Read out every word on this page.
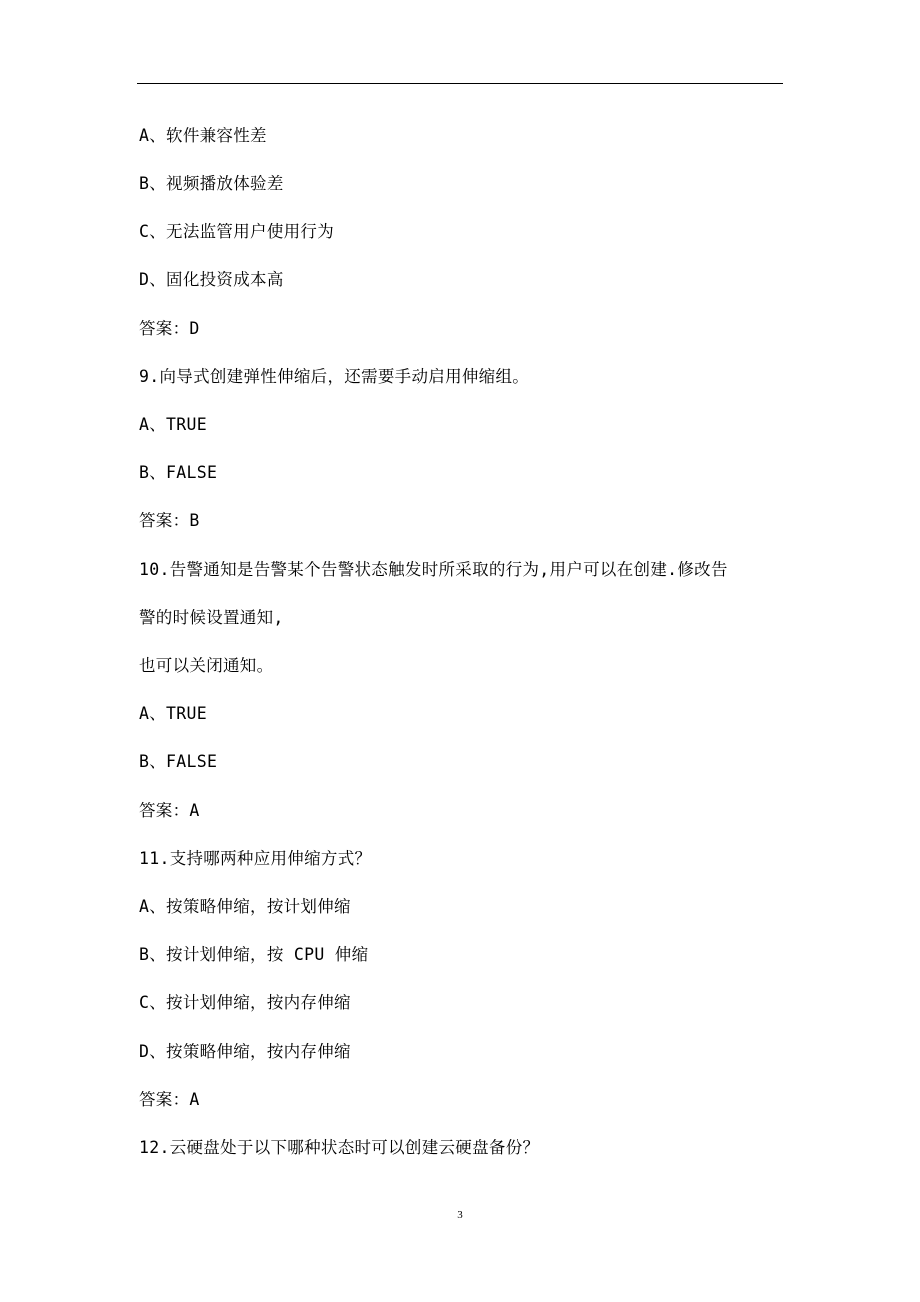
A、软件兼容性差
B、视频播放体验差
C、无法监管用户使用行为
D、固化投资成本高
答案：D
9.向导式创建弹性伸缩后，还需要手动启用伸缩组。
A、TRUE
B、FALSE
答案：B
10.告警通知是告警某个告警状态触发时所采取的行为,用户可以在创建.修改告
警的时候设置通知,
也可以关闭通知。
A、TRUE
B、FALSE
答案：A
11.支持哪两种应用伸缩方式？
A、按策略伸缩，按计划伸缩
B、按计划伸缩，按 CPU 伸缩
C、按计划伸缩，按内存伸缩
D、按策略伸缩，按内存伸缩
答案：A
12.云硬盘处于以下哪种状态时可以创建云硬盘备份？
3
